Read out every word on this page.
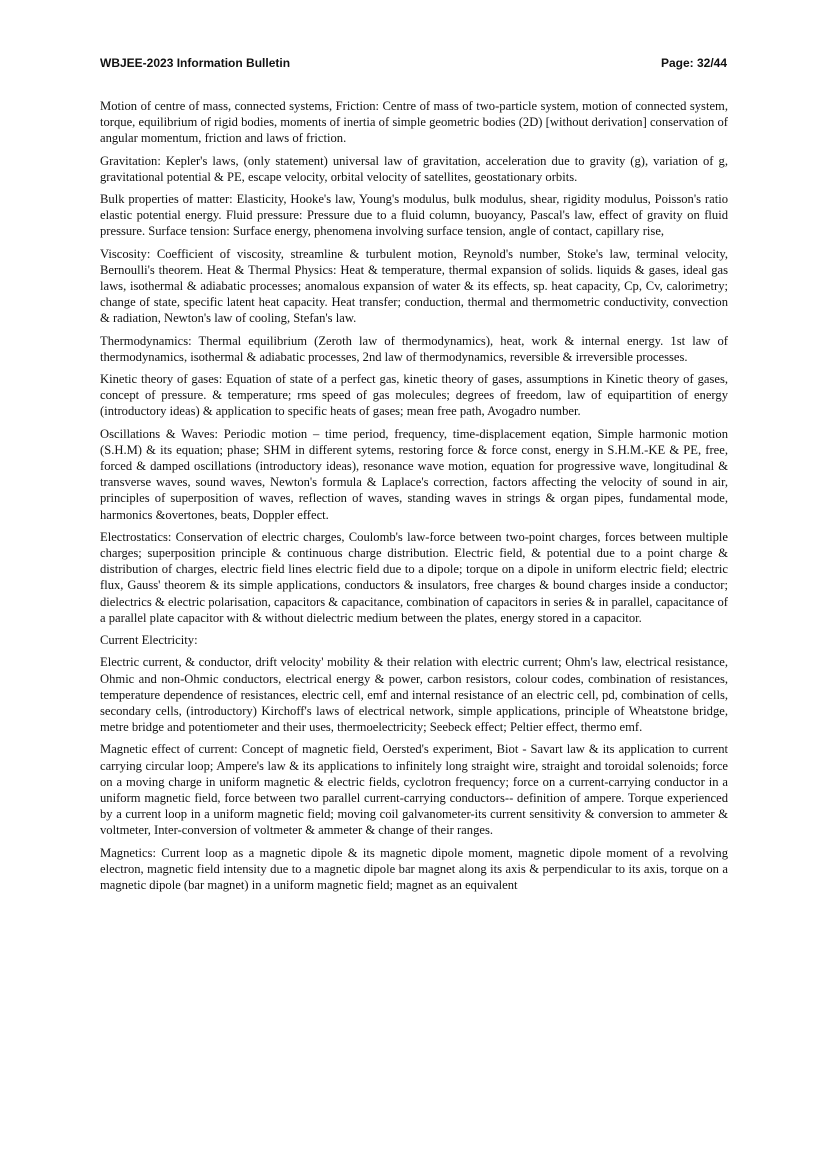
WBJEE-2023 Information Bulletin	Page: 32/44

Motion of centre of mass, connected systems, Friction: Centre of mass of two-particle system, motion of connected system, torque, equilibrium of rigid bodies, moments of inertia of simple geometric bodies (2D) [without derivation] conservation of angular momentum, friction and laws of friction.

Gravitation: Kepler's laws, (only statement) universal law of gravitation, acceleration due to gravity (g), variation of g, gravitational potential & PE, escape velocity, orbital velocity of satellites, geostationary orbits.

Bulk properties of matter: Elasticity, Hooke's law, Young's modulus, bulk modulus, shear, rigidity modulus, Poisson's ratio elastic potential energy. Fluid pressure: Pressure due to a fluid column, buoyancy, Pascal's law, effect of gravity on fluid pressure. Surface tension: Surface energy, phenomena involving surface tension, angle of contact, capillary rise,

Viscosity: Coefficient of viscosity, streamline & turbulent motion, Reynold's number, Stoke's law, terminal velocity, Bernoulli's theorem. Heat & Thermal Physics: Heat & temperature, thermal expansion of solids. liquids & gases, ideal gas laws, isothermal & adiabatic processes; anomalous expansion of water & its effects, sp. heat capacity, Cp, Cv, calorimetry; change of state, specific latent heat capacity. Heat transfer; conduction, thermal and thermometric conductivity, convection & radiation, Newton's law of cooling, Stefan's law.

Thermodynamics: Thermal equilibrium (Zeroth law of thermodynamics), heat, work & internal energy. 1st law of thermodynamics, isothermal & adiabatic processes, 2nd law of thermodynamics, reversible & irreversible processes.

Kinetic theory of gases: Equation of state of a perfect gas, kinetic theory of gases, assumptions in Kinetic theory of gases, concept of pressure. & temperature; rms speed of gas molecules; degrees of freedom, law of equipartition of energy (introductory ideas) & application to specific heats of gases; mean free path, Avogadro number.

Oscillations & Waves: Periodic motion – time period, frequency, time-displacement eqation, Simple harmonic motion (S.H.M) & its equation; phase; SHM in different sytems, restoring force & force const, energy in S.H.M.-KE & PE, free, forced & damped oscillations (introductory ideas), resonance wave motion, equation for progressive wave, longitudinal & transverse waves, sound waves, Newton's formula & Laplace's correction, factors affecting the velocity of sound in air, principles of superposition of waves, reflection of waves, standing waves in strings & organ pipes, fundamental mode, harmonics &overtones, beats, Doppler effect.

Electrostatics: Conservation of electric charges, Coulomb's law-force between two-point charges, forces between multiple charges; superposition principle & continuous charge distribution. Electric field, & potential due to a point charge & distribution of charges, electric field lines electric field due to a dipole; torque on a dipole in uniform electric field; electric flux, Gauss' theorem & its simple applications, conductors & insulators, free charges & bound charges inside a conductor; dielectrics & electric polarisation, capacitors & capacitance, combination of capacitors in series & in parallel, capacitance of a parallel plate capacitor with & without dielectric medium between the plates, energy stored in a capacitor.

Current Electricity:

Electric current, & conductor, drift velocity' mobility & their relation with electric current; Ohm's law, electrical resistance, Ohmic and non-Ohmic conductors, electrical energy & power, carbon resistors, colour codes, combination of resistances, temperature dependence of resistances, electric cell, emf and internal resistance of an electric cell, pd, combination of cells, secondary cells, (introductory) Kirchoff's laws of electrical network, simple applications, principle of Wheatstone bridge, metre bridge and potentiometer and their uses, thermoelectricity; Seebeck effect; Peltier effect, thermo emf.

Magnetic effect of current: Concept of magnetic field, Oersted's experiment, Biot - Savart law & its application to current carrying circular loop; Ampere's law & its applications to infinitely long straight wire, straight and toroidal solenoids; force on a moving charge in uniform magnetic & electric fields, cyclotron frequency; force on a current-carrying conductor in a uniform magnetic field, force between two parallel current-carrying conductors-- definition of ampere. Torque experienced by a current loop in a uniform magnetic field; moving coil galvanometer-its current sensitivity & conversion to ammeter & voltmeter, Inter-conversion of voltmeter & ammeter & change of their ranges.

Magnetics: Current loop as a magnetic dipole & its magnetic dipole moment, magnetic dipole moment of a revolving electron, magnetic field intensity due to a magnetic dipole bar magnet along its axis & perpendicular to its axis, torque on a magnetic dipole (bar magnet) in a uniform magnetic field; magnet as an equivalent
